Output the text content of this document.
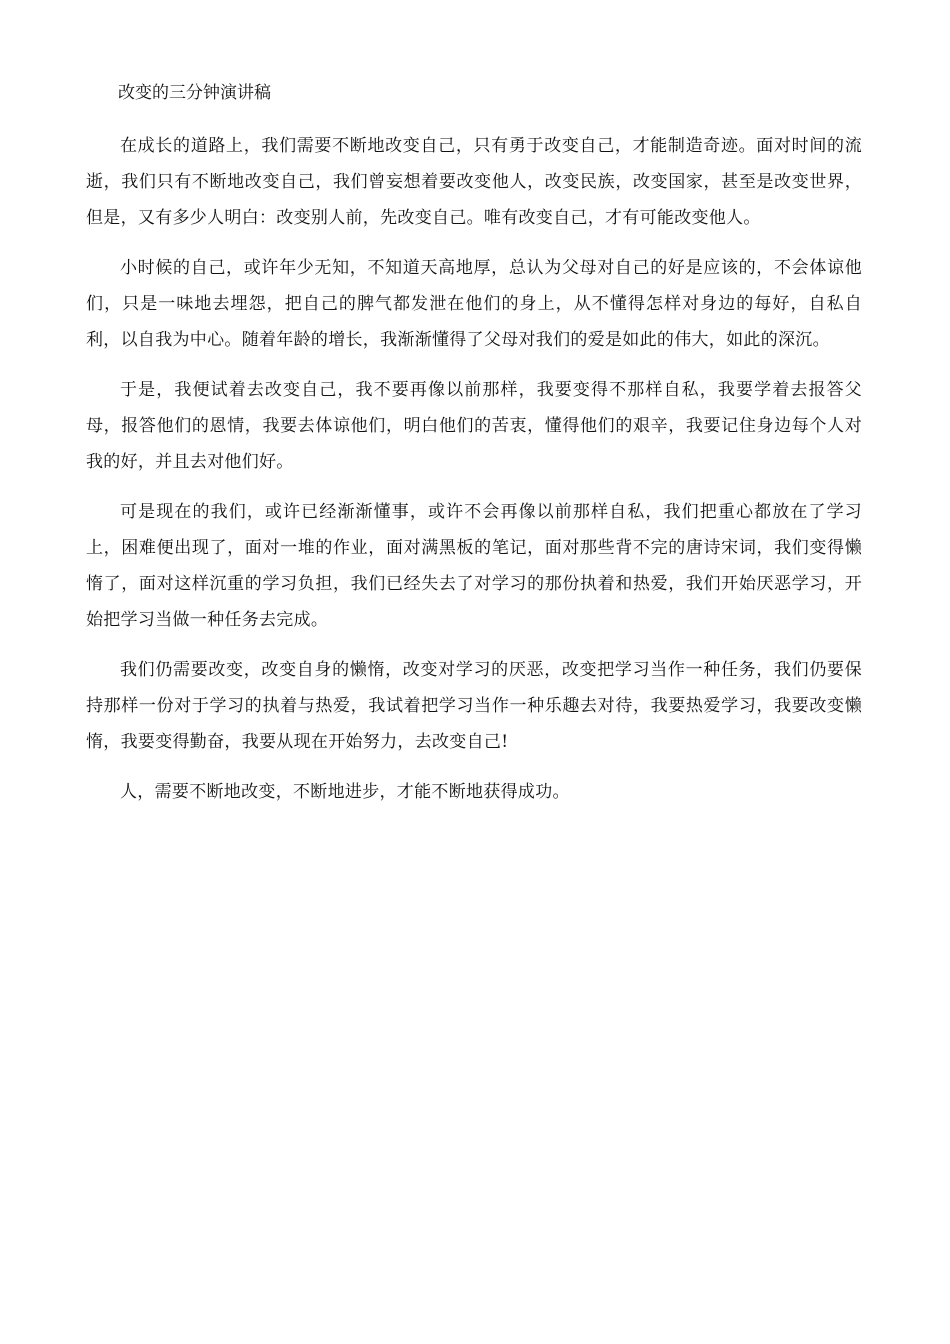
改变的三分钟演讲稿

在成长的道路上，我们需要不断地改变自己，只有勇于改变自己，才能制造奇迹。面对时间的流逝，我们只有不断地改变自己，我们曾妄想着要改变他人，改变民族，改变国家，甚至是改变世界，但是，又有多少人明白：改变别人前，先改变自己。唯有改变自己，才有可能改变他人。

小时候的自己，或许年少无知，不知道天高地厚，总认为父母对自己的好是应该的，不会体谅他们，只是一味地去埋怨，把自己的脾气都发泄在他们的身上，从不懂得怎样对身边的每好，自私自利，以自我为中心。随着年龄的增长，我渐渐懂得了父母对我们的爱是如此的伟大，如此的深沉。

于是，我便试着去改变自己，我不要再像以前那样，我要变得不那样自私，我要学着去报答父母，报答他们的恩情，我要去体谅他们，明白他们的苦衷，懂得他们的艰辛，我要记住身边每个人对我的好，并且去对他们好。

可是现在的我们，或许已经渐渐懂事，或许不会再像以前那样自私，我们把重心都放在了学习上，困难便出现了，面对一堆的作业，面对满黑板的笔记，面对那些背不完的唐诗宋词，我们变得懒惰了，面对这样沉重的学习负担，我们已经失去了对学习的那份执着和热爱，我们开始厌恶学习，开始把学习当做一种任务去完成。

我们仍需要改变，改变自身的懒惰，改变对学习的厌恶，改变把学习当作一种任务，我们仍要保持那样一份对于学习的执着与热爱，我试着把学习当作一种乐趣去对待，我要热爱学习，我要改变懒惰，我要变得勤奋，我要从现在开始努力，去改变自己!

人，需要不断地改变，不断地进步，才能不断地获得成功。
